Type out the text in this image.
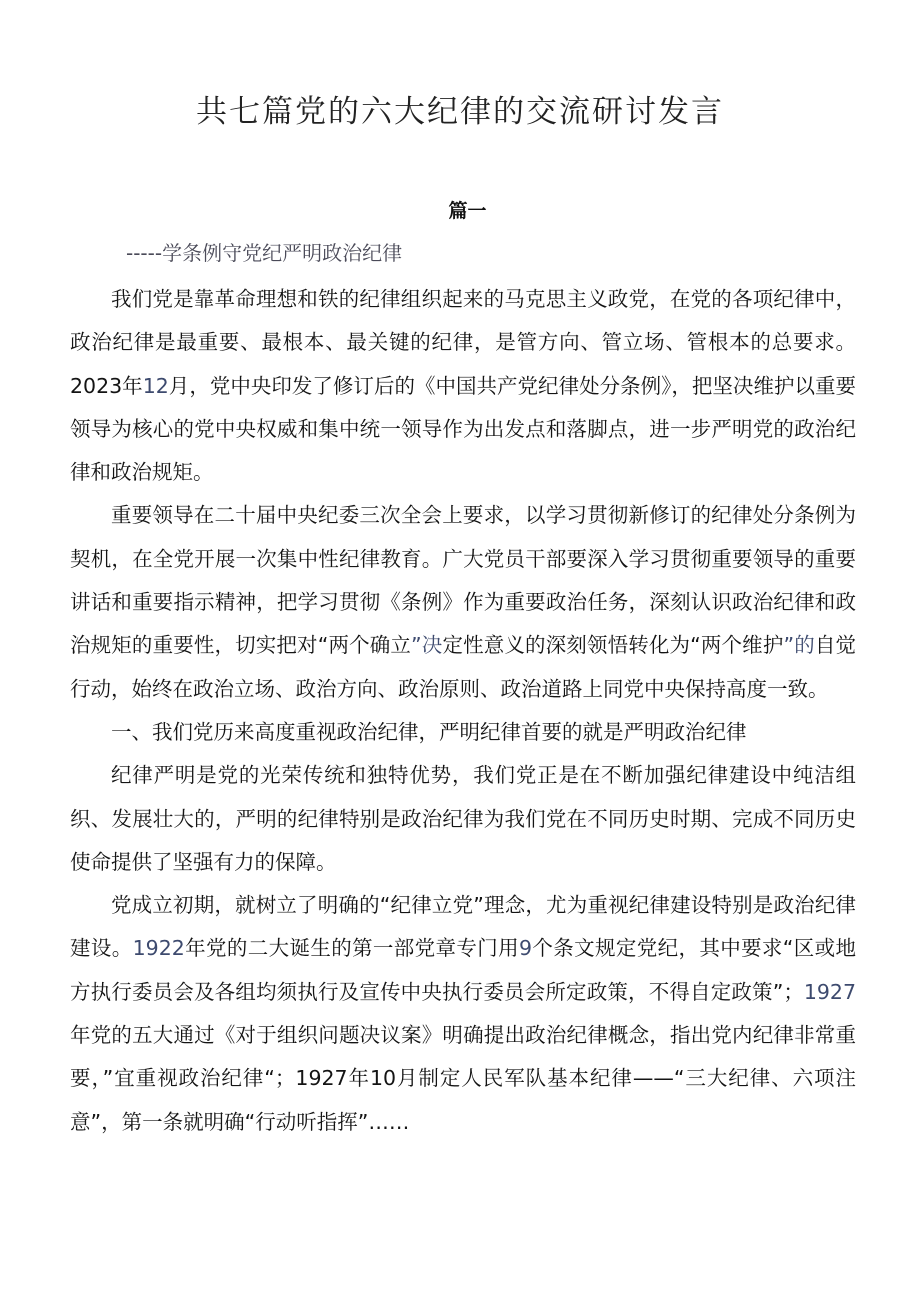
共七篇党的六大纪律的交流研讨发言
篇一
-----学条例守党纪严明政治纪律

我们党是靠革命理想和铁的纪律组织起来的马克思主义政党，在党的各项纪律中，政治纪律是最重要、最根本、最关键的纪律，是管方向、管立场、管根本的总要求。2023年12月，党中央印发了修订后的《中国共产党纪律处分条例》，把坚决维护以重要领导为核心的党中央权威和集中统一领导作为出发点和落脚点，进一步严明党的政治纪律和政治规矩。

重要领导在二十届中央纪委三次全会上要求，以学习贯彻新修订的纪律处分条例为契机，在全党开展一次集中性纪律教育。广大党员干部要深入学习贯彻重要领导的重要讲话和重要指示精神，把学习贯彻《条例》作为重要政治任务，深刻认识政治纪律和政治规矩的重要性，切实把对“两个确立”决定性意义的深刻领悟转化为“两个维护”的自觉行动，始终在政治立场、政治方向、政治原则、政治道路上同党中央保持高度一致。

一、我们党历来高度重视政治纪律，严明纪律首要的就是严明政治纪律

纪律严明是党的光荣传统和独特优势，我们党正是在不断加强纪律建设中纯洁组织、发展壮大的，严明的纪律特别是政治纪律为我们党在不同历史时期、完成不同历史使命提供了坚强有力的保障。

党成立初期，就树立了明确的“纪律立党”理念，尤为重视纪律建设特别是政治纪律建设。1922年党的二大诞生的第一部党章专门用9个条文规定党纪，其中要求“区或地方执行委员会及各组均须执行及宣传中央执行委员会所定政策，不得自定政策”；1927年党的五大通过《对于组织问题决议案》明确提出政治纪律概念，指出党内纪律非常重要，”宜重视政治纪律“；1927年10月制定人民军队基本纪律——“三大纪律、六项注意”，第一条就明确“行动听指挥”……
